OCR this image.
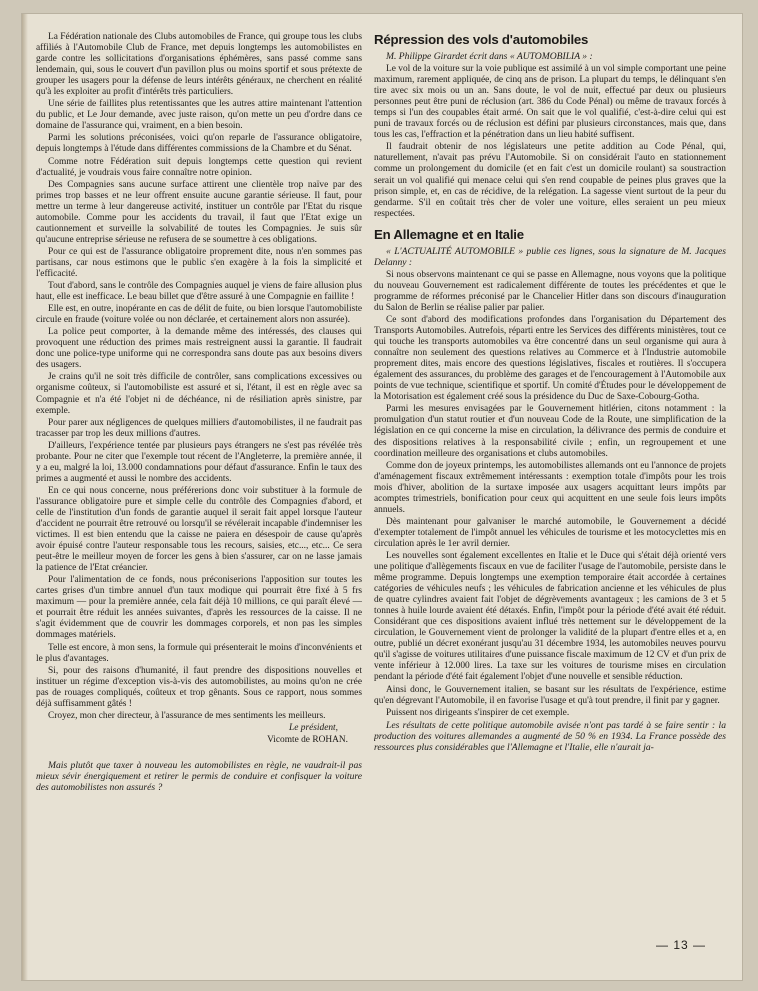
La Fédération nationale des Clubs automobiles de France, qui groupe tous les clubs affiliés à l'Automobile Club de France, met depuis longtemps les automobilistes en garde contre les sollicitations d'organisations éphémères, sans passé comme sans lendemain, qui, sous le couvert d'un pavillon plus ou moins sportif et sous prétexte de grouper les usagers pour la défense de leurs intérêts généraux, ne cherchent en réalité qu'à les exploiter au profit d'intérêts très particuliers.

Une série de faillites plus retentissantes que les autres attire maintenant l'attention du public, et Le Jour demande, avec juste raison, qu'on mette un peu d'ordre dans ce domaine de l'assurance qui, vraiment, en a bien besoin.

Parmi les solutions préconisées, voici qu'on reparle de l'assurance obligatoire, depuis longtemps à l'étude dans différentes commissions de la Chambre et du Sénat.

Comme notre Fédération suit depuis longtemps cette question qui revient d'actualité, je voudrais vous faire connaître notre opinion.

Des Compagnies sans aucune surface attirent une clientèle trop naïve par des primes trop basses et ne leur offrent ensuite aucune garantie sérieuse. Il faut, pour mettre un terme à leur dangereuse activité, instituer un contrôle par l'Etat du risque automobile. Comme pour les accidents du travail, il faut que l'Etat exige un cautionnement et surveille la solvabilité de toutes les Compagnies. Je suis sûr qu'aucune entreprise sérieuse ne refusera de se soumettre à ces obligations.

Pour ce qui est de l'assurance obligatoire proprement dite, nous n'en sommes pas partisans, car nous estimons que le public s'en exagère à la fois la simplicité et l'efficacité.

Tout d'abord, sans le contrôle des Compagnies auquel je viens de faire allusion plus haut, elle est inefficace. Le beau billet que d'être assuré à une Compagnie en faillite !

Elle est, en outre, inopérante en cas de délit de fuite, ou bien lorsque l'automobiliste circule en fraude (voiture volée ou non déclarée, et certainement alors non assurée).

La police peut comporter, à la demande même des intéressés, des clauses qui provoquent une réduction des primes mais restreignent aussi la garantie. Il faudrait donc une police-type uniforme qui ne correspondra sans doute pas aux besoins divers des usagers.

Je crains qu'il ne soit très difficile de contrôler, sans complications excessives ou organisme coûteux, si l'automobiliste est assuré et si, l'étant, il est en règle avec sa Compagnie et n'a été l'objet ni de déchéance, ni de résiliation après sinistre, par exemple.

Pour parer aux négligences de quelques milliers d'automobilistes, il ne faudrait pas tracasser par trop les deux millions d'autres.

D'ailleurs, l'expérience tentée par plusieurs pays étrangers ne s'est pas révélée très probante. Pour ne citer que l'exemple tout récent de l'Angleterre, la première année, il y a eu, malgré la loi, 13.000 condamnations pour défaut d'assurance. Enfin le taux des primes a augmenté et aussi le nombre des accidents.

En ce qui nous concerne, nous préférerions donc voir substituer à la formule de l'assurance obligatoire pure et simple celle du contrôle des Compagnies d'abord, et celle de l'institution d'un fonds de garantie auquel il serait fait appel lorsque l'auteur d'accident ne pourrait être retrouvé ou lorsqu'il se révélerait incapable d'indemniser les victimes. Il est bien entendu que la caisse ne paiera en désespoir de cause qu'après avoir épuisé contre l'auteur responsable tous les recours, saisies, etc..., etc... Ce sera peut-être le meilleur moyen de forcer les gens à bien s'assurer, car on ne lasse jamais la patience de l'Etat créancier.

Pour l'alimentation de ce fonds, nous préconiserions l'apposition sur toutes les cartes grises d'un timbre annuel d'un taux modique qui pourrait être fixé à 5 frs maximum — pour la première année, cela fait déjà 10 millions, ce qui paraît élevé — et pourrait être réduit les années suivantes, d'après les ressources de la caisse. Il ne s'agit évidemment que de couvrir les dommages corporels, et non pas les simples dommages matériels.

Telle est encore, à mon sens, la formule qui présenterait le moins d'inconvénients et le plus d'avantages.

Si, pour des raisons d'humanité, il faut prendre des dispositions nouvelles et instituer un régime d'exception vis-à-vis des automobilistes, au moins qu'on ne crée pas de rouages compliqués, coûteux et trop gênants. Sous ce rapport, nous sommes déjà suffisamment gâtés !

Croyez, mon cher directeur, à l'assurance de mes sentiments les meilleurs.

Le président,

Vicomte de ROHAN.

Mais plutôt que taxer à nouveau les automobilistes en règle, ne vaudrait-il pas mieux sévir énergiquement et retirer le permis de conduire et confisquer la voiture des automobilistes non assurés ?

Répression des vols d'automobiles

M. Philippe Girardet écrit dans « AUTOMOBILIA » :

Le vol de la voiture sur la voie publique est assimilé à un vol simple comportant une peine maximum, rarement appliquée, de cinq ans de prison. La plupart du temps, le délinquant s'en tire avec six mois ou un an. Sans doute, le vol de nuit, effectué par deux ou plusieurs personnes peut être puni de réclusion (art. 386 du Code Pénal) ou même de travaux forcés à temps si l'un des coupables était armé. On sait que le vol qualifié, c'est-à-dire celui qui est puni de travaux forcés ou de réclusion est défini par plusieurs circonstances, mais que, dans tous les cas, l'effraction et la pénétration dans un lieu habité suffisent.

Il faudrait obtenir de nos législateurs une petite addition au Code Pénal, qui, naturellement, n'avait pas prévu l'Automobile. Si on considérait l'auto en stationnement comme un prolongement du domicile (et en fait c'est un domicile roulant) sa soustraction serait un vol qualifié qui menace celui qui s'en rend coupable de peines plus graves que la prison simple, et, en cas de récidive, de la relégation. La sagesse vient surtout de la peur du gendarme. S'il en coûtait très cher de voler une voiture, elles seraient un peu mieux respectées.

En Allemagne et en Italie

« L'ACTUALITÉ AUTOMOBILE » publie ces lignes, sous la signature de M. Jacques Delanny :

Si nous observons maintenant ce qui se passe en Allemagne, nous voyons que la politique du nouveau Gouvernement est radicalement différente de toutes les précédentes et que le programme de réformes préconisé par le Chancelier Hitler dans son discours d'inauguration du Salon de Berlin se réalise palier par palier.

Ce sont d'abord des modifications profondes dans l'organisation du Département des Transports Automobiles. Autrefois, réparti entre les Services des différents ministères, tout ce qui touche les transports automobiles va être concentré dans un seul organisme qui aura à connaître non seulement des questions relatives au Commerce et à l'Industrie automobile proprement dites, mais encore des questions législatives, fiscales et routières. Il s'occupera également des assurances, du problème des garages et de l'encouragement à l'Automobile aux points de vue technique, scientifique et sportif. Un comité d'Études pour le développement de la Motorisation est également créé sous la présidence du Duc de Saxe-Cobourg-Gotha.

Parmi les mesures envisagées par le Gouvernement hitlérien, citons notamment : la promulgation d'un statut routier et d'un nouveau Code de la Route, une simplification de la législation en ce qui concerne la mise en circulation, la délivrance des permis de conduire et des dispositions relatives à la responsabilité civile ; enfin, un regroupement et une coordination meilleure des organisations et clubs automobiles.

Comme don de joyeux printemps, les automobilistes allemands ont eu l'annonce de projets d'aménagement fiscaux extrêmement intéressants : exemption totale d'impôts pour les trois mois d'hiver, abolition de la surtaxe imposée aux usagers acquittant leurs impôts par acomptes trimestriels, bonification pour ceux qui acquittent en une seule fois leurs impôts annuels.

Dès maintenant pour galvaniser le marché automobile, le Gouvernement a décidé d'exempter totalement de l'impôt annuel les véhicules de tourisme et les motocyclettes mis en circulation après le 1er avril dernier.

Les nouvelles sont également excellentes en Italie et le Duce qui s'était déjà orienté vers une politique d'allègements fiscaux en vue de faciliter l'usage de l'automobile, persiste dans le même programme. Depuis longtemps une exemption temporaire était accordée à certaines catégories de véhicules neufs ; les véhicules de fabrication ancienne et les véhicules de plus de quatre cylindres avaient fait l'objet de dégrèvements avantageux ; les camions de 3 et 5 tonnes à huile lourde avaient été détaxés. Enfin, l'impôt pour la période d'été avait été réduit. Considérant que ces dispositions avaient influé très nettement sur le développement de la circulation, le Gouvernement vient de prolonger la validité de la plupart d'entre elles et a, en outre, publié un décret exonérant jusqu'au 31 décembre 1934, les automobiles neuves pourvu qu'il s'agisse de voitures utilitaires d'une puissance fiscale maximum de 12 CV et d'un prix de vente inférieur à 12.000 lires. La taxe sur les voitures de tourisme mises en circulation pendant la période d'été fait également l'objet d'une nouvelle et sensible réduction.

Ainsi donc, le Gouvernement italien, se basant sur les résultats de l'expérience, estime qu'en dégrevant l'Automobile, il en favorise l'usage et qu'à tout prendre, il finit par y gagner.

Puissent nos dirigeants s'inspirer de cet exemple.

Les résultats de cette politique automobile avisée n'ont pas tardé à se faire sentir : la production des voitures allemandes a augmenté de 50 % en 1934. La France possède des ressources plus considérables que l'Allemagne et l'Italie, elle n'aurait ja-

— 13 —
